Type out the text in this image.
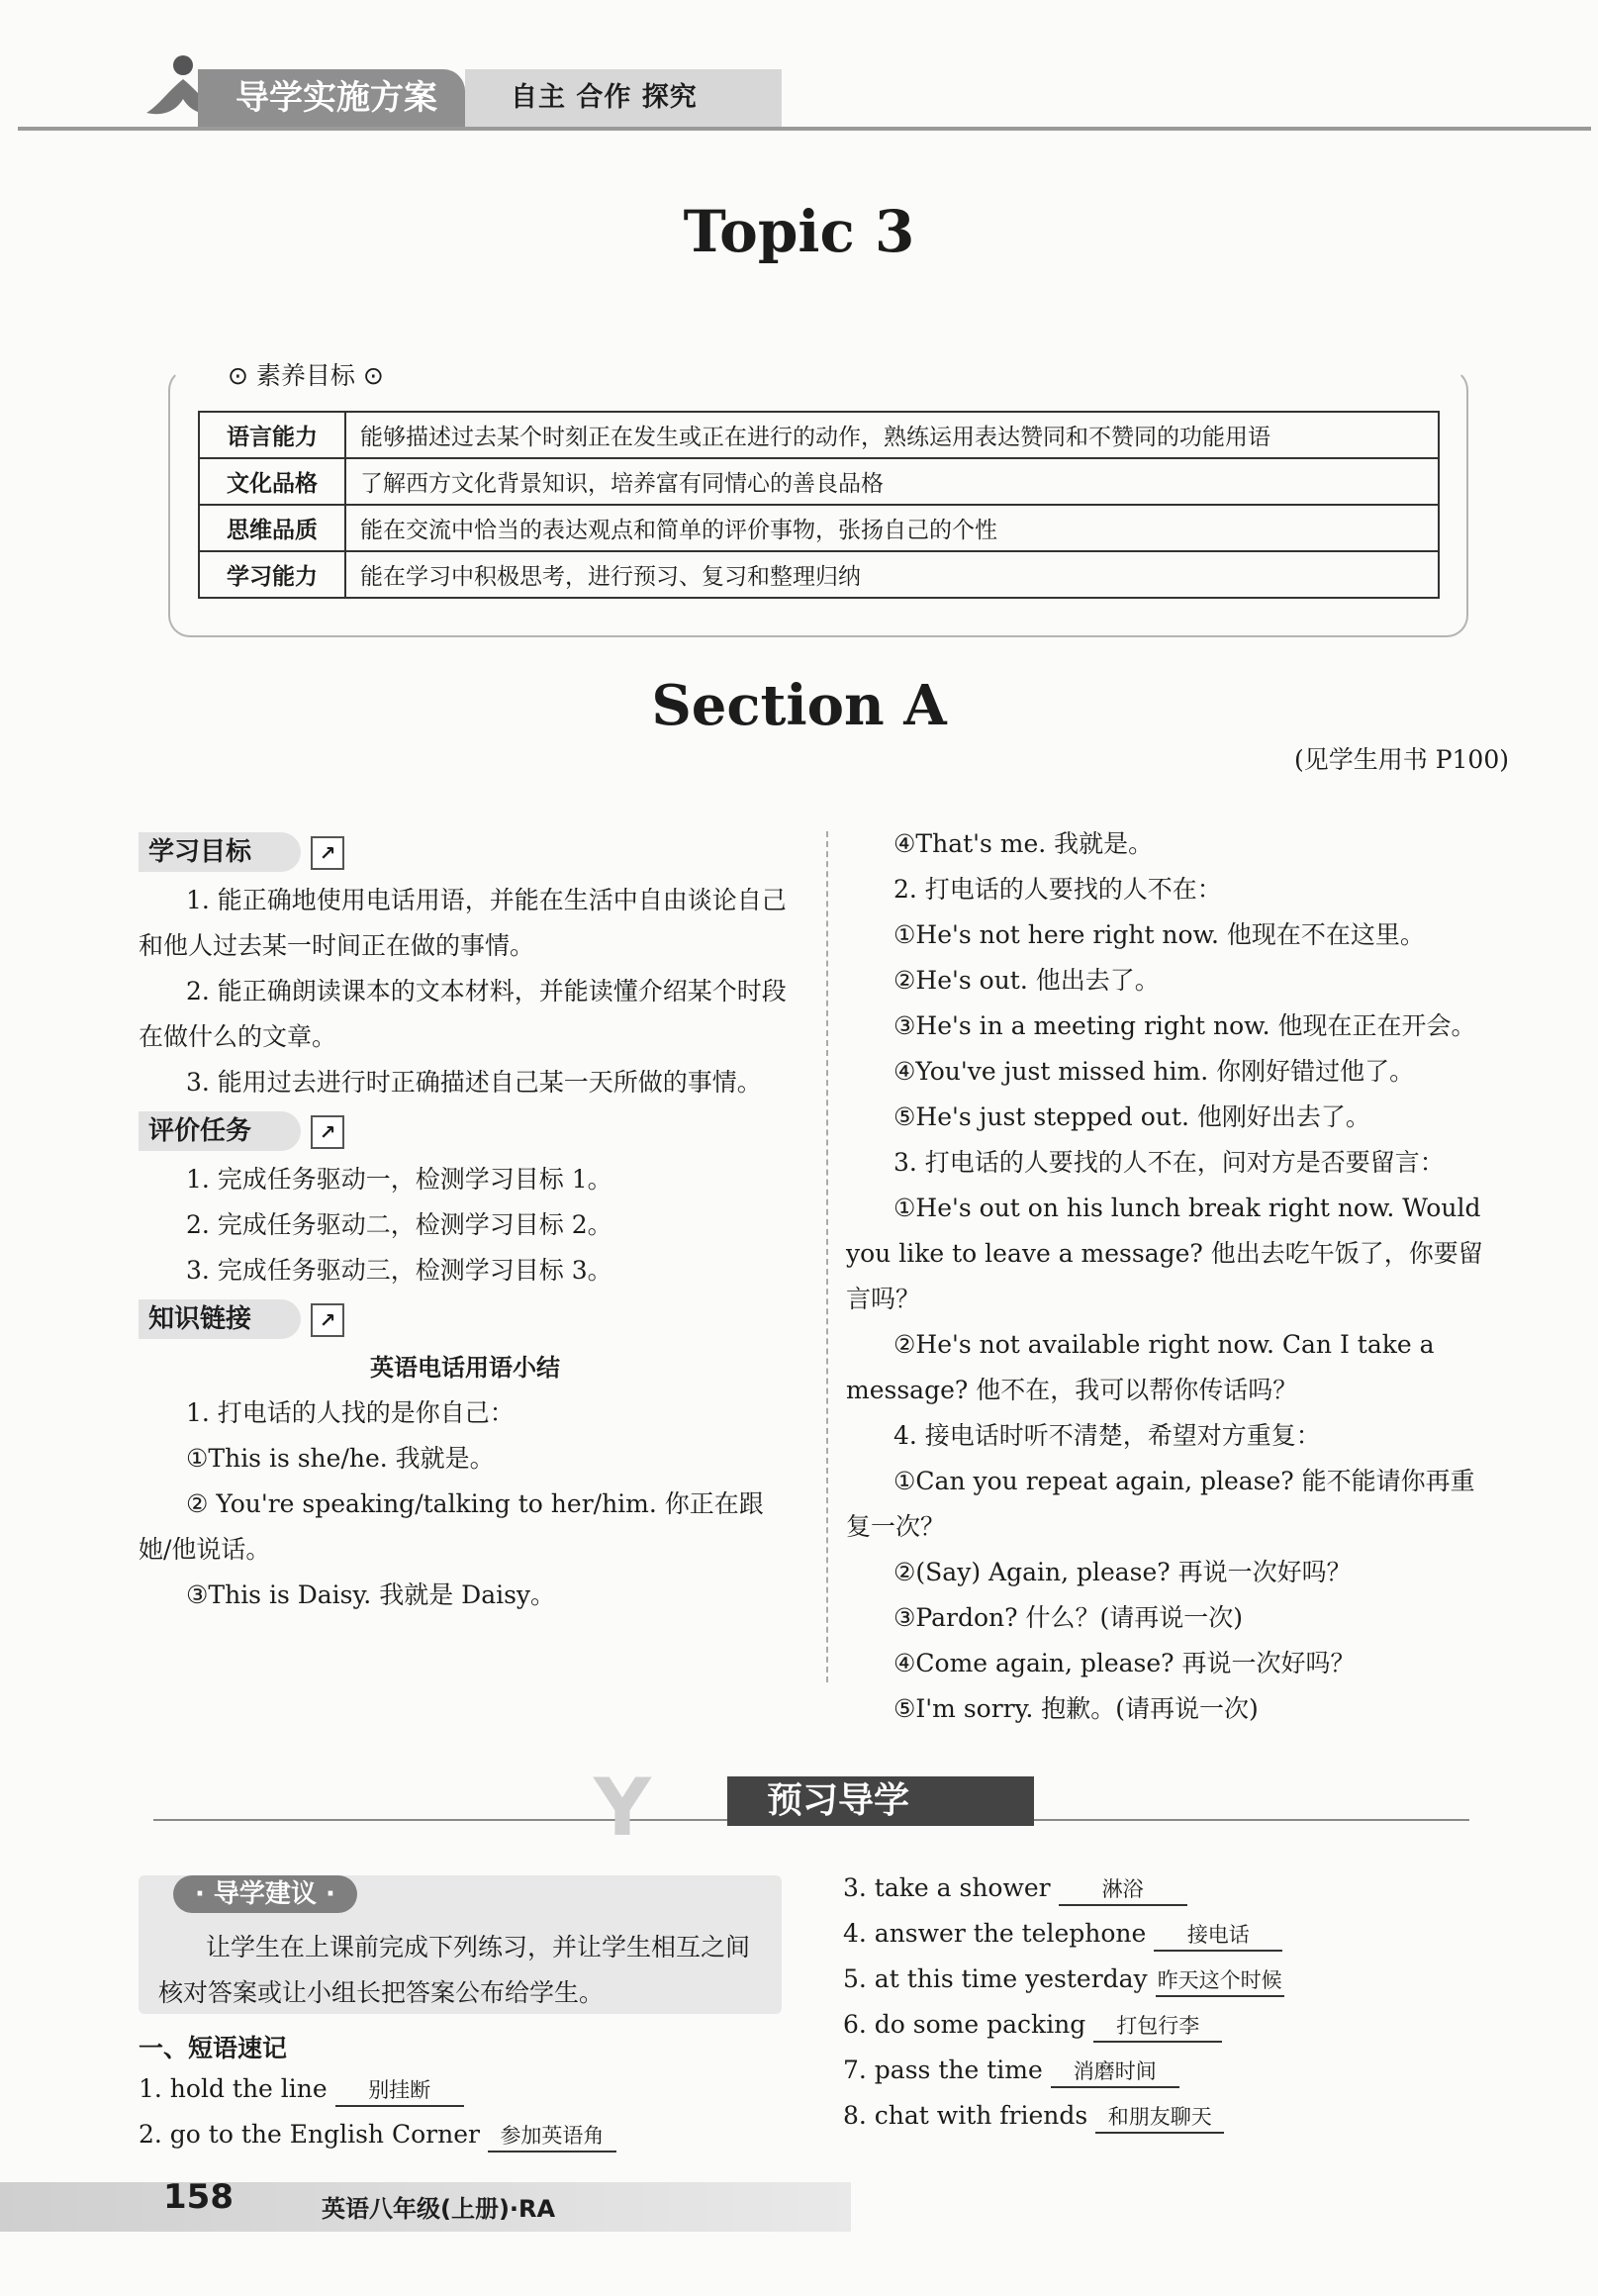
导学实施方案	自主 合作 探究
Topic 3
⊙ 素养目标 ⊙
语言能力	能够描述过去某个时刻正在发生或正在进行的动作，熟练运用表达赞同和不赞同的功能用语
文化品格	了解西方文化背景知识，培养富有同情心的善良品格
思维品质	能在交流中恰当的表达观点和简单的评价事物，张扬自己的个性
学习能力	能在学习中积极思考，进行预习、复习和整理归纳
Section A
(见学生用书 P100)
学习目标	↗

1. 能正确地使用电话用语，并能在生活中自由谈论自己和他人过去某一时间正在做的事情。

2. 能正确朗读课本的文本材料，并能读懂介绍某个时段在做什么的文章。

3. 能用过去进行时正确描述自己某一天所做的事情。

评价任务	↗

1. 完成任务驱动一，检测学习目标 1。

2. 完成任务驱动二，检测学习目标 2。

3. 完成任务驱动三，检测学习目标 3。

知识链接	↗

英语电话用语小结

1. 打电话的人找的是你自己：

①This is she/he. 我就是。

② You're speaking/talking to her/him. 你正在跟她/他说话。

③This is Daisy. 我就是 Daisy。

④That's me. 我就是。

2. 打电话的人要找的人不在：

①He's not here right now. 他现在不在这里。

②He's out. 他出去了。

③He's in a meeting right now. 他现在正在开会。

④You've just missed him. 你刚好错过他了。

⑤He's just stepped out. 他刚好出去了。

3. 打电话的人要找的人不在，问对方是否要留言：

①He's out on his lunch break right now. Would you like to leave a message? 他出去吃午饭了，你要留言吗？

②He's not available right now. Can I take a message? 他不在，我可以帮你传话吗？

4. 接电话时听不清楚，希望对方重复：

①Can you repeat again, please? 能不能请你再重复一次？

②(Say) Again, please? 再说一次好吗？

③Pardon? 什么？(请再说一次)

④Come again, please? 再说一次好吗？

⑤I'm sorry. 抱歉。(请再说一次)

Y	预习导学
· 导学建议 ·
让学生在上课前完成下列练习，并让学生相互之间核对答案或让小组长把答案公布给学生。
一、短语速记
1. hold the line 别挂断
2. go to the English Corner 参加英语角
3. take a shower 淋浴
4. answer the telephone 接电话
5. at this time yesterday 昨天这个时候
6. do some packing 打包行李
7. pass the time 消磨时间
8. chat with friends 和朋友聊天
158	英语八年级(上册)·RA
